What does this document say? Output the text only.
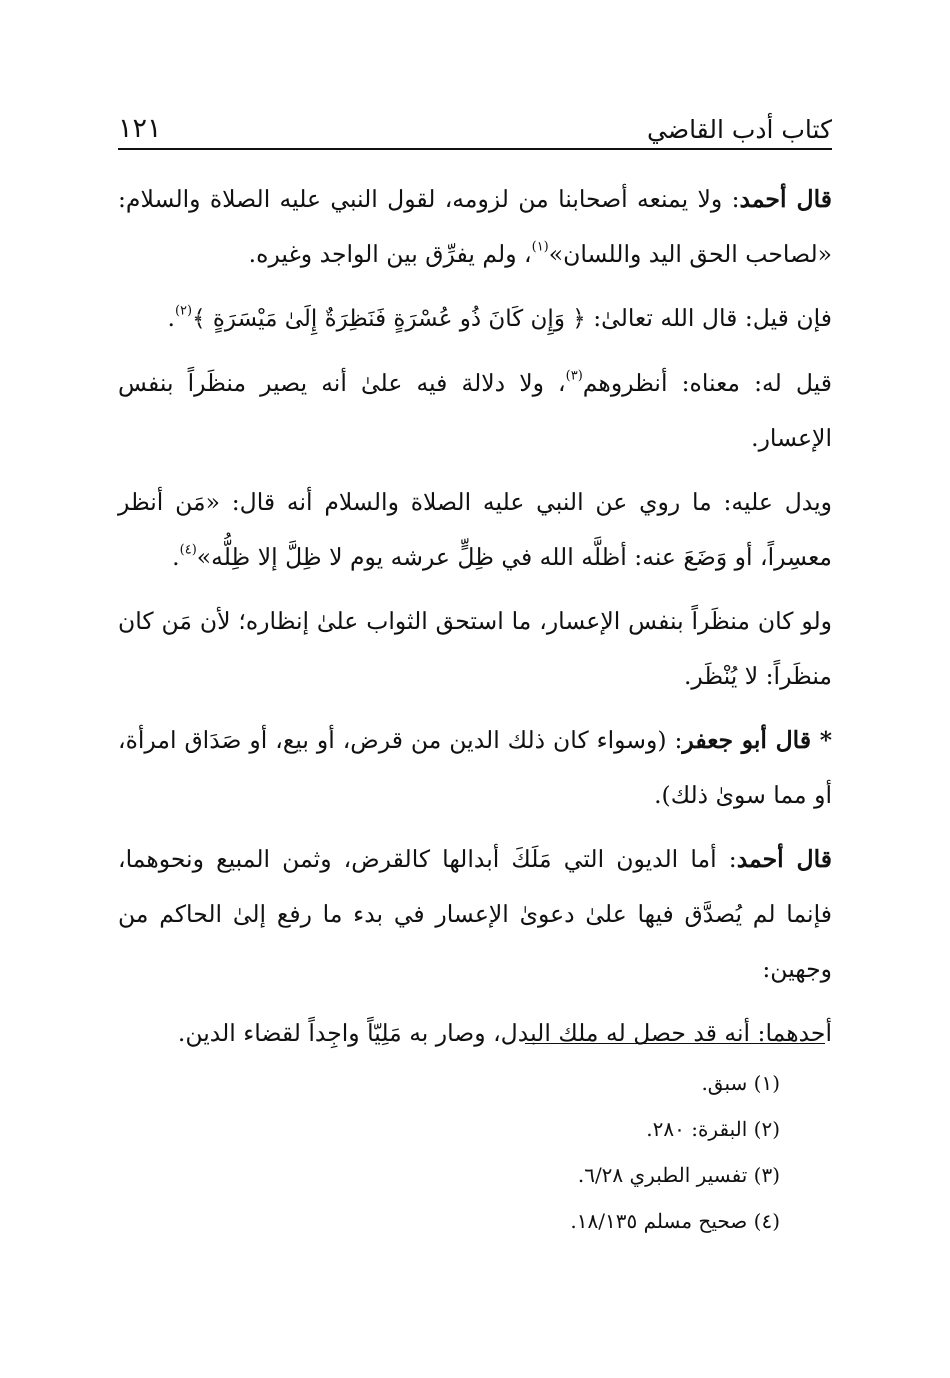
كتاب أدب القاضي
١٢١

قال أحمد: ولا يمنعه أصحابنا من لزومه، لقول النبي عليه الصلاة والسلام: «لصاحب الحق اليد واللسان»$^{(١)}$، ولم يفرِّق بين الواجد وغيره.

فإن قيل: قال الله تعالىٰ: ﴿ وَإِن كَانَ ذُو عُسْرَةٍ فَنَظِرَةٌ إِلَىٰ مَيْسَرَةٍ ﴾$^{(٢)}$.

قيل له: معناه: أنظروهم$^{(٣)}$، ولا دلالة فيه علىٰ أنه يصير منظَراً بنفس الإعسار.

ويدل عليه: ما روي عن النبي عليه الصلاة والسلام أنه قال: «مَن أنظر معسِراً، أو وَضَعَ عنه: أظلَّه الله في ظِلٍّ عرشه يوم لا ظِلَّ إلا ظِلُّه»$^{(٤)}$.

ولو كان منظَراً بنفس الإعسار، ما استحق الثواب علىٰ إنظاره؛ لأن مَن كان منظَراً: لا يُنْظَر.

* قال أبو جعفر: (وسواء كان ذلك الدين من قرض، أو بيع، أو صَدَاق امرأة، أو مما سوىٰ ذلك).

قال أحمد: أما الديون التي مَلَكَ أبدالها كالقرض، وثمن المبيع ونحوهما، فإنما لم يُصدَّق فيها علىٰ دعوىٰ الإعسار في بدء ما رفع إلىٰ الحاكم من وجهين:

أحدهما: أنه قد حصل له ملك البدل، وصار به مَلِيّاً واجِداً لقضاء الدين.

(١) سبق.
(٢) البقرة: ٢٨٠.
(٣) تفسير الطبري ٦/٢٨.
(٤) صحيح مسلم ١٨/١٣٥.
